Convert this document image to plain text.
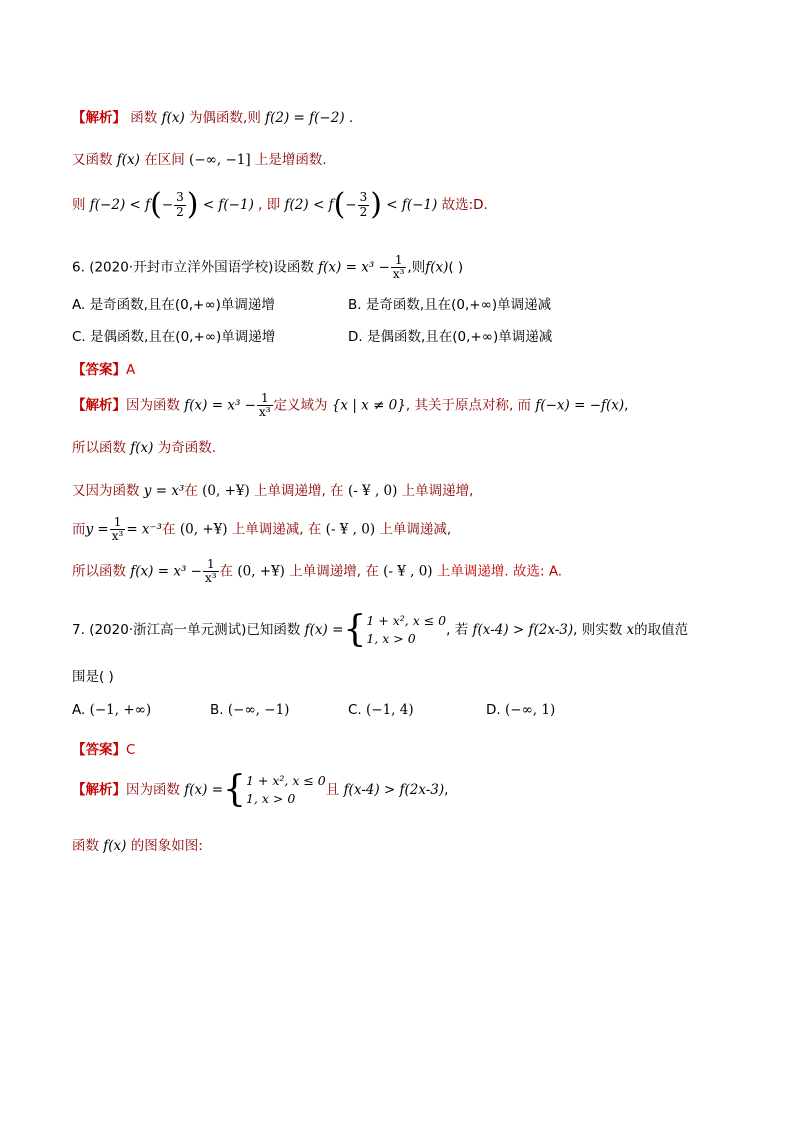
【解析】 函数 f(x) 为偶函数,则 f(2) = f(−2) .
又函数 f(x) 在区间 (−∞, −1] 上是增函数.
则 $f(-2) < f(- \frac{3}{2}$ ) < f(−1) , 即 $f(2) < f(- \frac{3}{2}$ ) < f(−1) 故选:D.
6. (2020·开封市立洋外国语学校)设函数 $f(x) = x^3 - \frac{1}{\text{x³}}$ ,则f(x)( )
A. 是奇函数,且在(0,+∞)单调递增	B. 是奇函数,且在(0,+∞)单调递减
C. 是偶函数,且在(0,+∞)单调递增	D. 是偶函数,且在(0,+∞)单调递减
【答案】A
【解析】因为函数 $f(x) = x^3 - \frac{1}{\text{x³}}$ 定义域为 {x | x ≠ 0}, 其关于原点对称, 而 f(−x) = −f(x),
所以函数 f(x) 为奇函数.
又因为函数 y = x³在 (0, +¥) 上单调递增, 在 (- ¥ , 0) 上单调递增,
而$y = \frac{1}{\text{x³}} = x^{-3}$在 (0, +¥) 上单调递减, 在 (- ¥ , 0) 上单调递减,
所以函数 $f(x) = x^3 - \frac{1}{\text{x³}}$ 在 (0, +¥) 上单调递增, 在 (- ¥ , 0) 上单调递增. 故选: A.
7. (2020·浙江高一单元测试)已知函数 f(x) ={ 1 + x², x ≤ 0
1, x > 0
, 若 f(x-4) > f(2x-3), 则实数 x的取值范
围是( )
A. (−1, +∞)	B. (−∞, −1)	C. (−1, 4)	D. (−∞, 1)
【答案】C
【解析】因为函数 f(x) ={ 1 + x², x ≤ 0
1, x > 0
且 f(x-4) > f(2x-3),
函数 f(x) 的图象如图:
